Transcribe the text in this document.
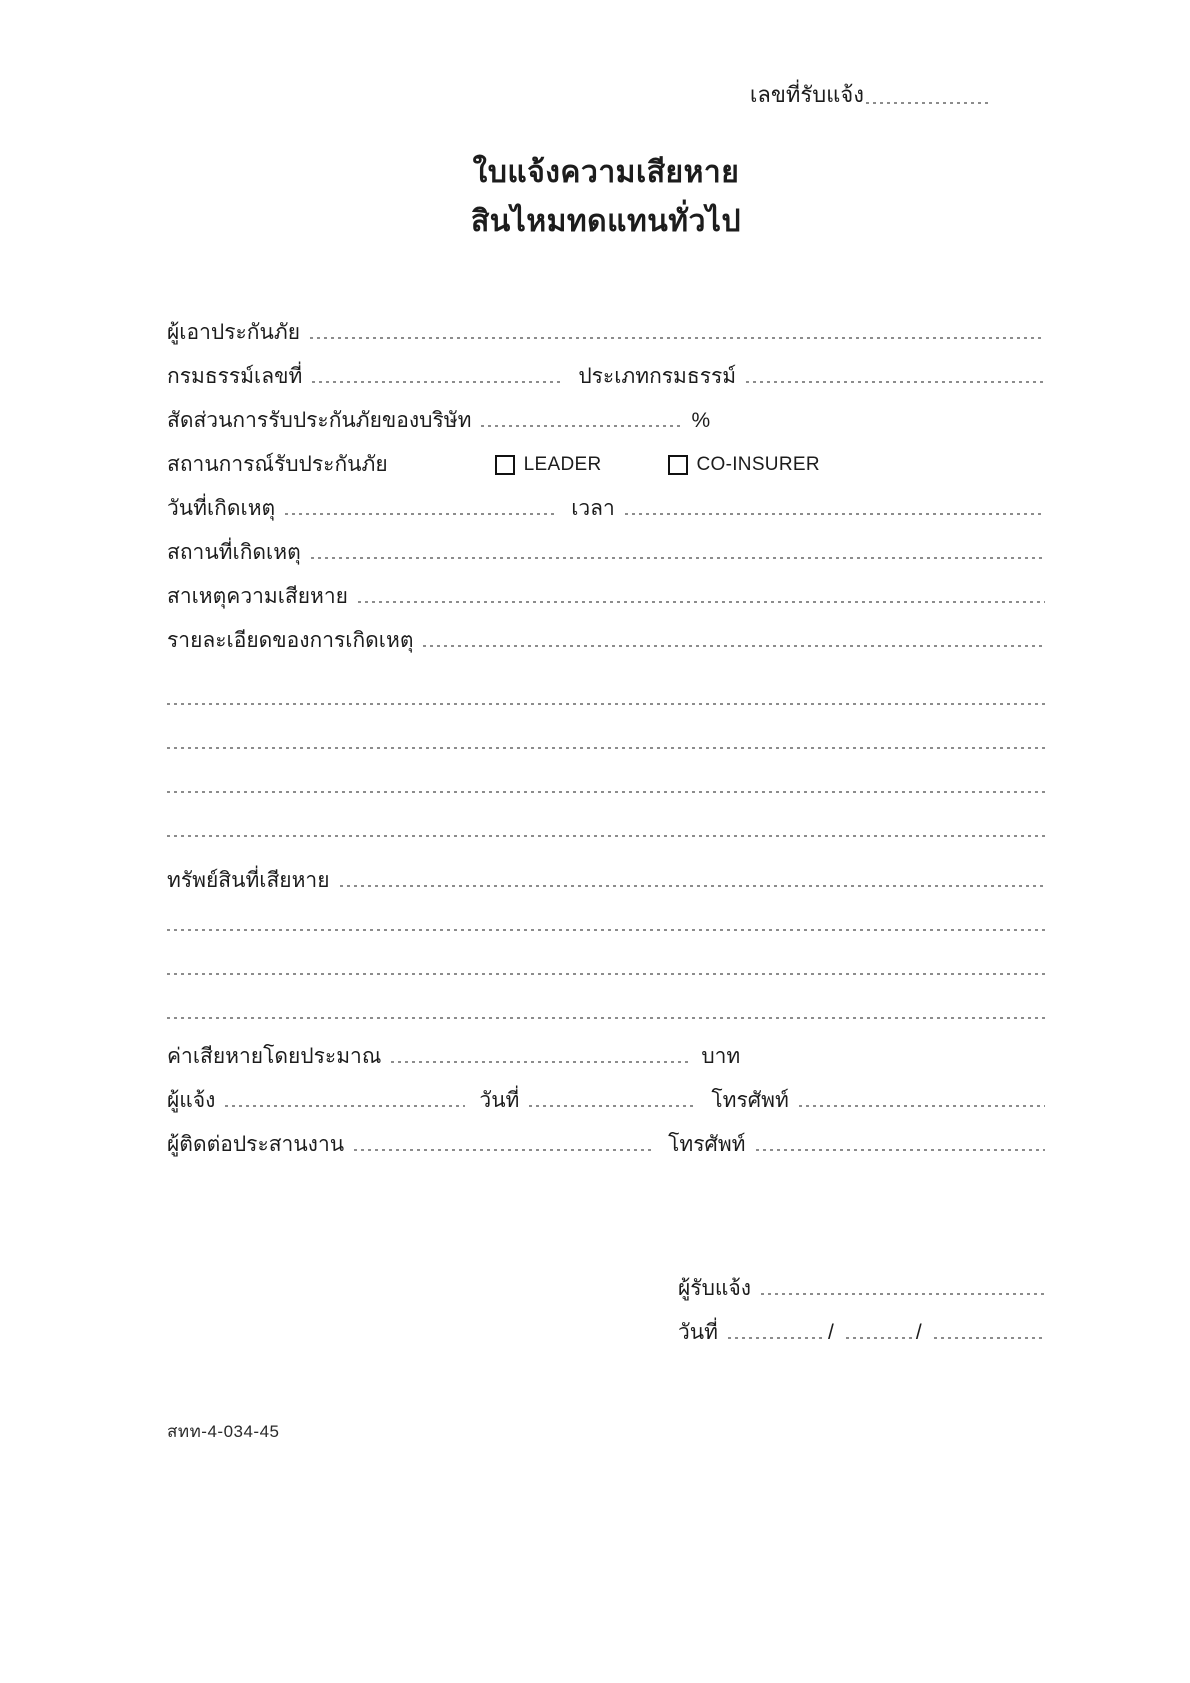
เลขที่รับแจ้ง
ใบแจ้งความเสียหาย
สินไหมทดแทนทั่วไป
ผู้เอาประกันภัย
กรมธรรม์เลขที่	ประเภทกรมธรรม์
สัดส่วนการรับประกันภัยของบริษัท	%
สถานการณ์รับประกันภัย	LEADER	CO-INSURER
วันที่เกิดเหตุ	เวลา
สถานที่เกิดเหตุ
สาเหตุความเสียหาย
รายละเอียดของการเกิดเหตุ
ทรัพย์สินที่เสียหาย
ค่าเสียหายโดยประมาณ	บาท
ผู้แจ้ง	วันที่	โทรศัพท์
ผู้ติดต่อประสานงาน	โทรศัพท์
ผู้รับแจ้ง
วันที่	/	/
สทท-4-034-45
